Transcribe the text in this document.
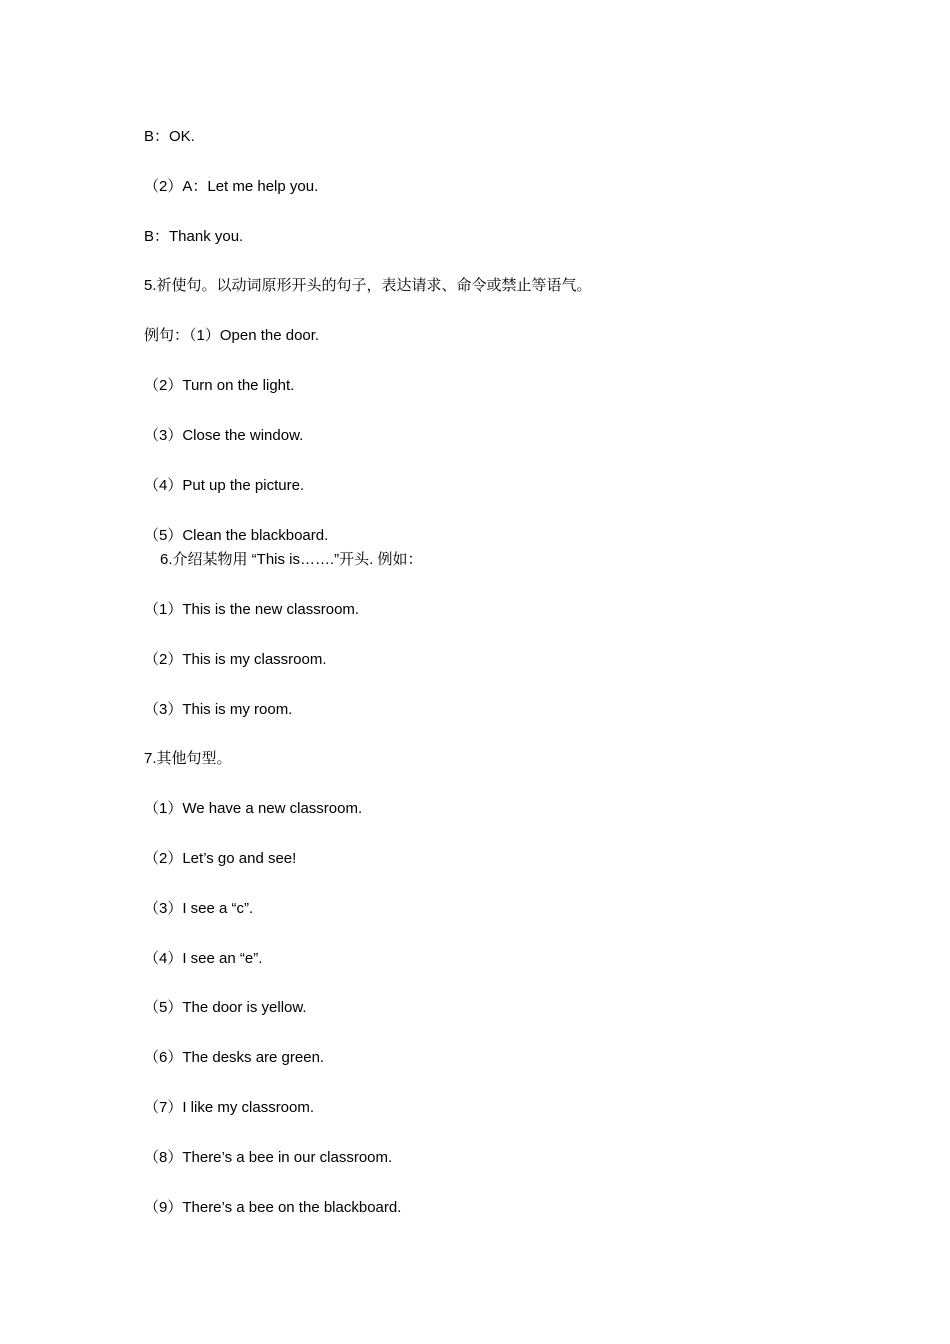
B：OK.
（2）A：Let me help you.
B：Thank you.
5.祈使句。以动词原形开头的句子，表达请求、命令或禁止等语气。
例句：（1）Open the door.
（2）Turn on the light.
（3）Close the window.
（4）Put up the picture.
（5）Clean the blackboard.
6.介绍某物用 “This is…….”开头. 例如：
（1）This is the new classroom.
（2）This is my classroom.
（3）This is my room.
7.其他句型。
（1）We have a new classroom.
（2）Let’s go and see!
（3）I see a “c”.
（4）I see an “e”.
（5）The door is yellow.
（6）The desks are green.
（7）I like my classroom.
（8）There’s a bee in our classroom.
（9）There’s a bee on the blackboard.
